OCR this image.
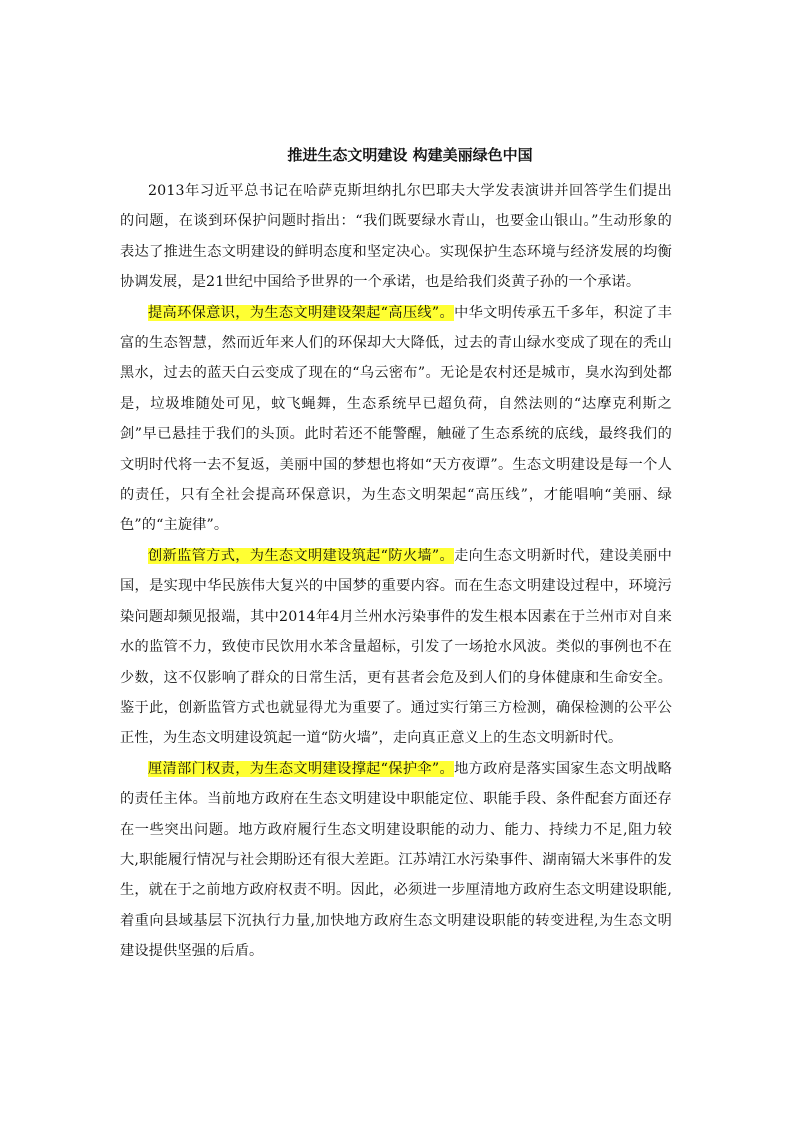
推进生态文明建设 构建美丽绿色中国

2013年习近平总书记在哈萨克斯坦纳扎尔巴耶夫大学发表演讲并回答学生们提出的问题，在谈到环保护问题时指出：“我们既要绿水青山，也要金山银山。”生动形象的表达了推进生态文明建设的鲜明态度和坚定决心。实现保护生态环境与经济发展的均衡协调发展，是21世纪中国给予世界的一个承诺，也是给我们炎黄子孙的一个承诺。

提高环保意识，为生态文明建设架起“高压线”。中华文明传承五千多年，积淀了丰富的生态智慧，然而近年来人们的环保却大大降低，过去的青山绿水变成了现在的秃山黑水，过去的蓝天白云变成了现在的“乌云密布”。无论是农村还是城市，臭水沟到处都是，垃圾堆随处可见，蚊飞蝇舞，生态系统早已超负荷，自然法则的“达摩克利斯之剑”早已悬挂于我们的头顶。此时若还不能警醒，触碰了生态系统的底线，最终我们的文明时代将一去不复返，美丽中国的梦想也将如“天方夜谭”。生态文明建设是每一个人的责任，只有全社会提高环保意识，为生态文明架起“高压线”，才能唱响“美丽、绿色”的“主旋律”。

创新监管方式，为生态文明建设筑起“防火墙”。走向生态文明新时代，建设美丽中国，是实现中华民族伟大复兴的中国梦的重要内容。而在生态文明建设过程中，环境污染问题却频见报端，其中2014年4月兰州水污染事件的发生根本因素在于兰州市对自来水的监管不力，致使市民饮用水苯含量超标，引发了一场抢水风波。类似的事例也不在少数，这不仅影响了群众的日常生活，更有甚者会危及到人们的身体健康和生命安全。鉴于此，创新监管方式也就显得尤为重要了。通过实行第三方检测，确保检测的公平公正性，为生态文明建设筑起一道“防火墙”，走向真正意义上的生态文明新时代。

厘清部门权责，为生态文明建设撑起“保护伞”。地方政府是落实国家生态文明战略的责任主体。当前地方政府在生态文明建设中职能定位、职能手段、条件配套方面还存在一些突出问题。地方政府履行生态文明建设职能的动力、能力、持续力不足,阻力较大,职能履行情况与社会期盼还有很大差距。江苏靖江水污染事件、湖南镉大米事件的发生，就在于之前地方政府权责不明。因此，必须进一步厘清地方政府生态文明建设职能,着重向县域基层下沉执行力量,加快地方政府生态文明建设职能的转变进程,为生态文明建设提供坚强的后盾。
